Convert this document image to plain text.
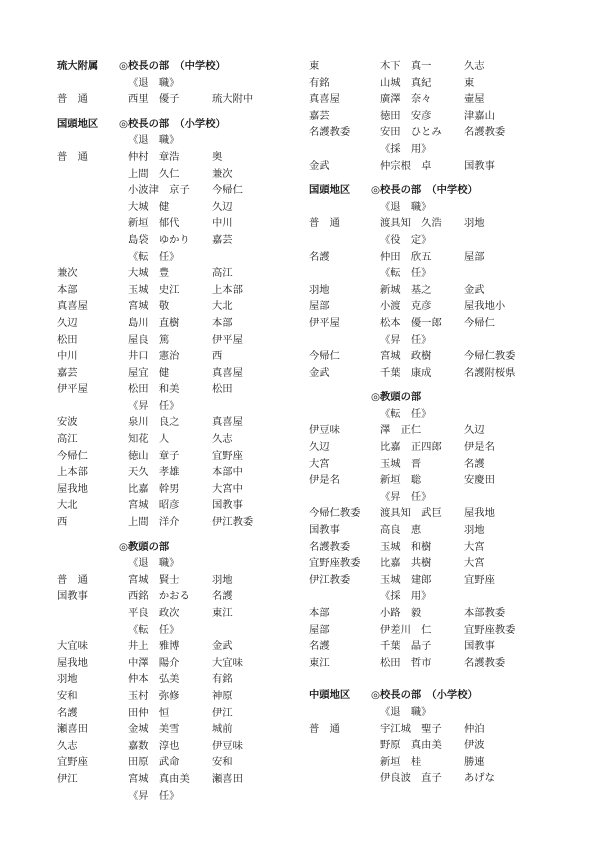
琉大附属 ◎校長の部　（中学校）
《退　職》
普　通	西里　優子	琉大附中
国頭地区 ◎校長の部　（小学校）
《退　職》
普　通	仲村　章浩	奥
上間　久仁	兼次
小波津　京子 今帰仁
大城　健	久辺
新垣　郁代	中川
島袋　ゆかり 嘉芸
《転　任》
兼次	大城　豊	高江
本部	玉城　史江	上本部
真喜屋	宮城　敬	大北
久辺	島川　直樹	本部
松田	屋良　篤	伊平屋
中川	井口　憲治	西
嘉芸	屋宜　健	真喜屋
伊平屋	松田　和美	松田
《昇　任》
安波	泉川　良之	真喜屋
高江	知花　人	久志
今帰仁	徳山　章子	宜野座
上本部	天久　孝雄	本部中
屋我地	比嘉　幹男	大宮中
大北	宮城　昭彦	国教事
西	上間　洋介	伊江教委
◎教頭の部
《退　職》
普　通	宮城　賢士	羽地
国教事	西銘　かおる 名護
平良　政次	東江
《転　任》
大宜味	井上　雅博	金武
屋我地	中澤　陽介	大宜味
羽地	仲本　弘美	有銘
安和	玉村　弥修	神原
名護	田仲　恒	伊江
瀬喜田	金城　美雪	城前
久志	嘉数　淳也	伊豆味
宜野座	田原　武命	安和
伊江	宮城　真由美 瀬喜田
《昇　任》
東	木下　真一	久志
有銘	山城　真紀	東
真喜屋	廣澤　奈々	壷屋
嘉芸	徳田　安彦	津嘉山
名護教委	安田　ひとみ 名護教委
《採　用》
金武	仲宗根　卓	国教事
国頭地区 ◎校長の部　（中学校）
《退　職》
普　通	渡具知　久浩 羽地
《役　定》
名護	仲田　欣五	屋部
《転　任》
羽地	新城　基之	金武
屋部	小渡　克彦	屋我地小
伊平屋	松本　優一郎 今帰仁
《昇　任》
今帰仁	宮城　政樹	今帰仁教委
金武	千葉　康成	名護附桜県
◎教頭の部
《転　任》
伊豆味	澤　正仁	久辺
久辺	比嘉　正四郎 伊是名
大宮	玉城　晋	名護
伊是名	新垣　聡	安慶田
《昇　任》
今帰仁教委 渡具知　武巨 屋我地
国教事	高良　恵	羽地
名護教委	玉城　和樹	大宮
宜野座教委 比嘉　共樹	大宮
伊江教委	玉城　建郎	宜野座
《採　用》
本部	小路　毅	本部教委
屋部	伊差川　仁	宜野座教委
名護	千葉　晶子	国教事
東江	松田　哲市	名護教委
中頭地区 ◎校長の部　（小学校）
《退　職》
普　通	宇江城　聖子 仲泊
野原　真由美 伊波
新垣　桂	勝連
伊良波　直子 あげな
